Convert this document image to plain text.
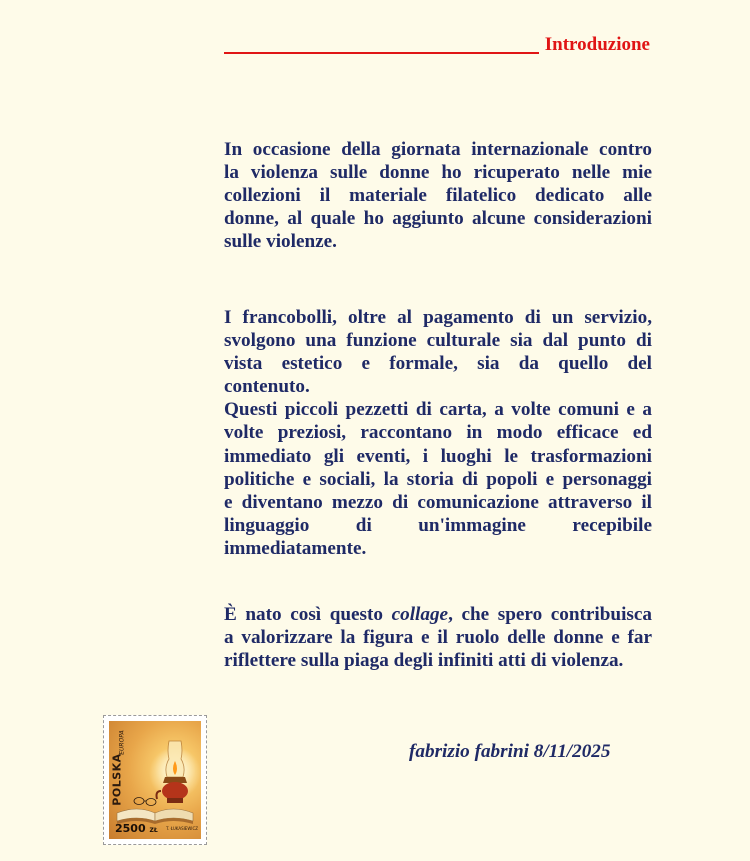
Introduzione
In occasione della giornata internazionale contro
la violenza sulle donne ho ricuperato nelle mie
collezioni il materiale filatelico dedicato alle
donne, al quale ho aggiunto alcune considerazioni
sulle violenze.
I francobolli, oltre al pagamento di un servizio,
svolgono una funzione culturale sia dal punto di
vista estetico e formale, sia da quello del
contenuto.
Questi piccoli pezzetti di carta, a volte comuni e a
volte preziosi, raccontano in modo efficace ed
immediato gli eventi, i luoghi le trasformazioni
politiche e sociali, la storia di popoli e personaggi
e diventano mezzo di comunicazione attraverso il
linguaggio di un'immagine recepibile
immediatamente.
È nato così questo collage, che spero contribuisca
a valorizzare la figura e il ruolo delle donne e far
riflettere sulla piaga degli infiniti atti di violenza.
EUROPA
POLSKA
2500 ZŁ T. ŁUKASIEWICZ
fabrizio fabrini 8/11/2025
